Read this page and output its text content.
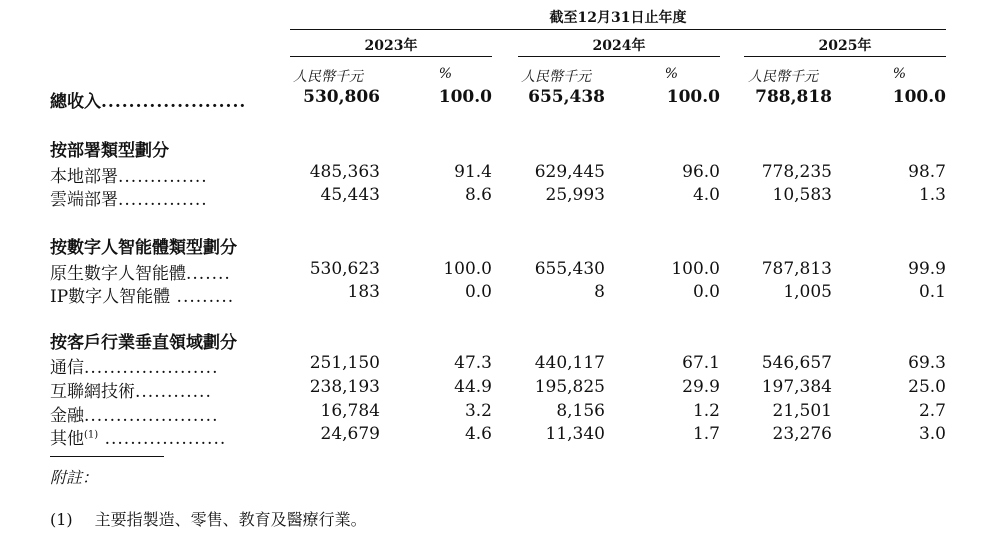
截至12月31日止年度
2023年	2024年	2025年
人民幣千元	%	人民幣千元	%	人民幣千元	%
總收入.....................	530,806	100.0	655,438	100.0	788,818	100.0
按部署類型劃分
本地部署..............	485,363	91.4	629,445	96.0	778,235	98.7
雲端部署..............	45,443	8.6	25,993	4.0	10,583	1.3
按數字人智能體類型劃分
原生數字人智能體.......	530,623	100.0	655,430	100.0	787,813	99.9
IP數字人智能體 .........	183	0.0	8	0.0	1,005	0.1
按客戶行業垂直領域劃分
通信.....................	251,150	47.3	440,117	67.1	546,657	69.3
互聯網技術............	238,193	44.9	195,825	29.9	197,384	25.0
金融.....................	16,784	3.2	8,156	1.2	21,501	2.7
其他$^{(1)}$ ...................	24,679	4.6	11,340	1.7	23,276	3.0
附註：
(1) 主要指製造、零售、教育及醫療行業。
